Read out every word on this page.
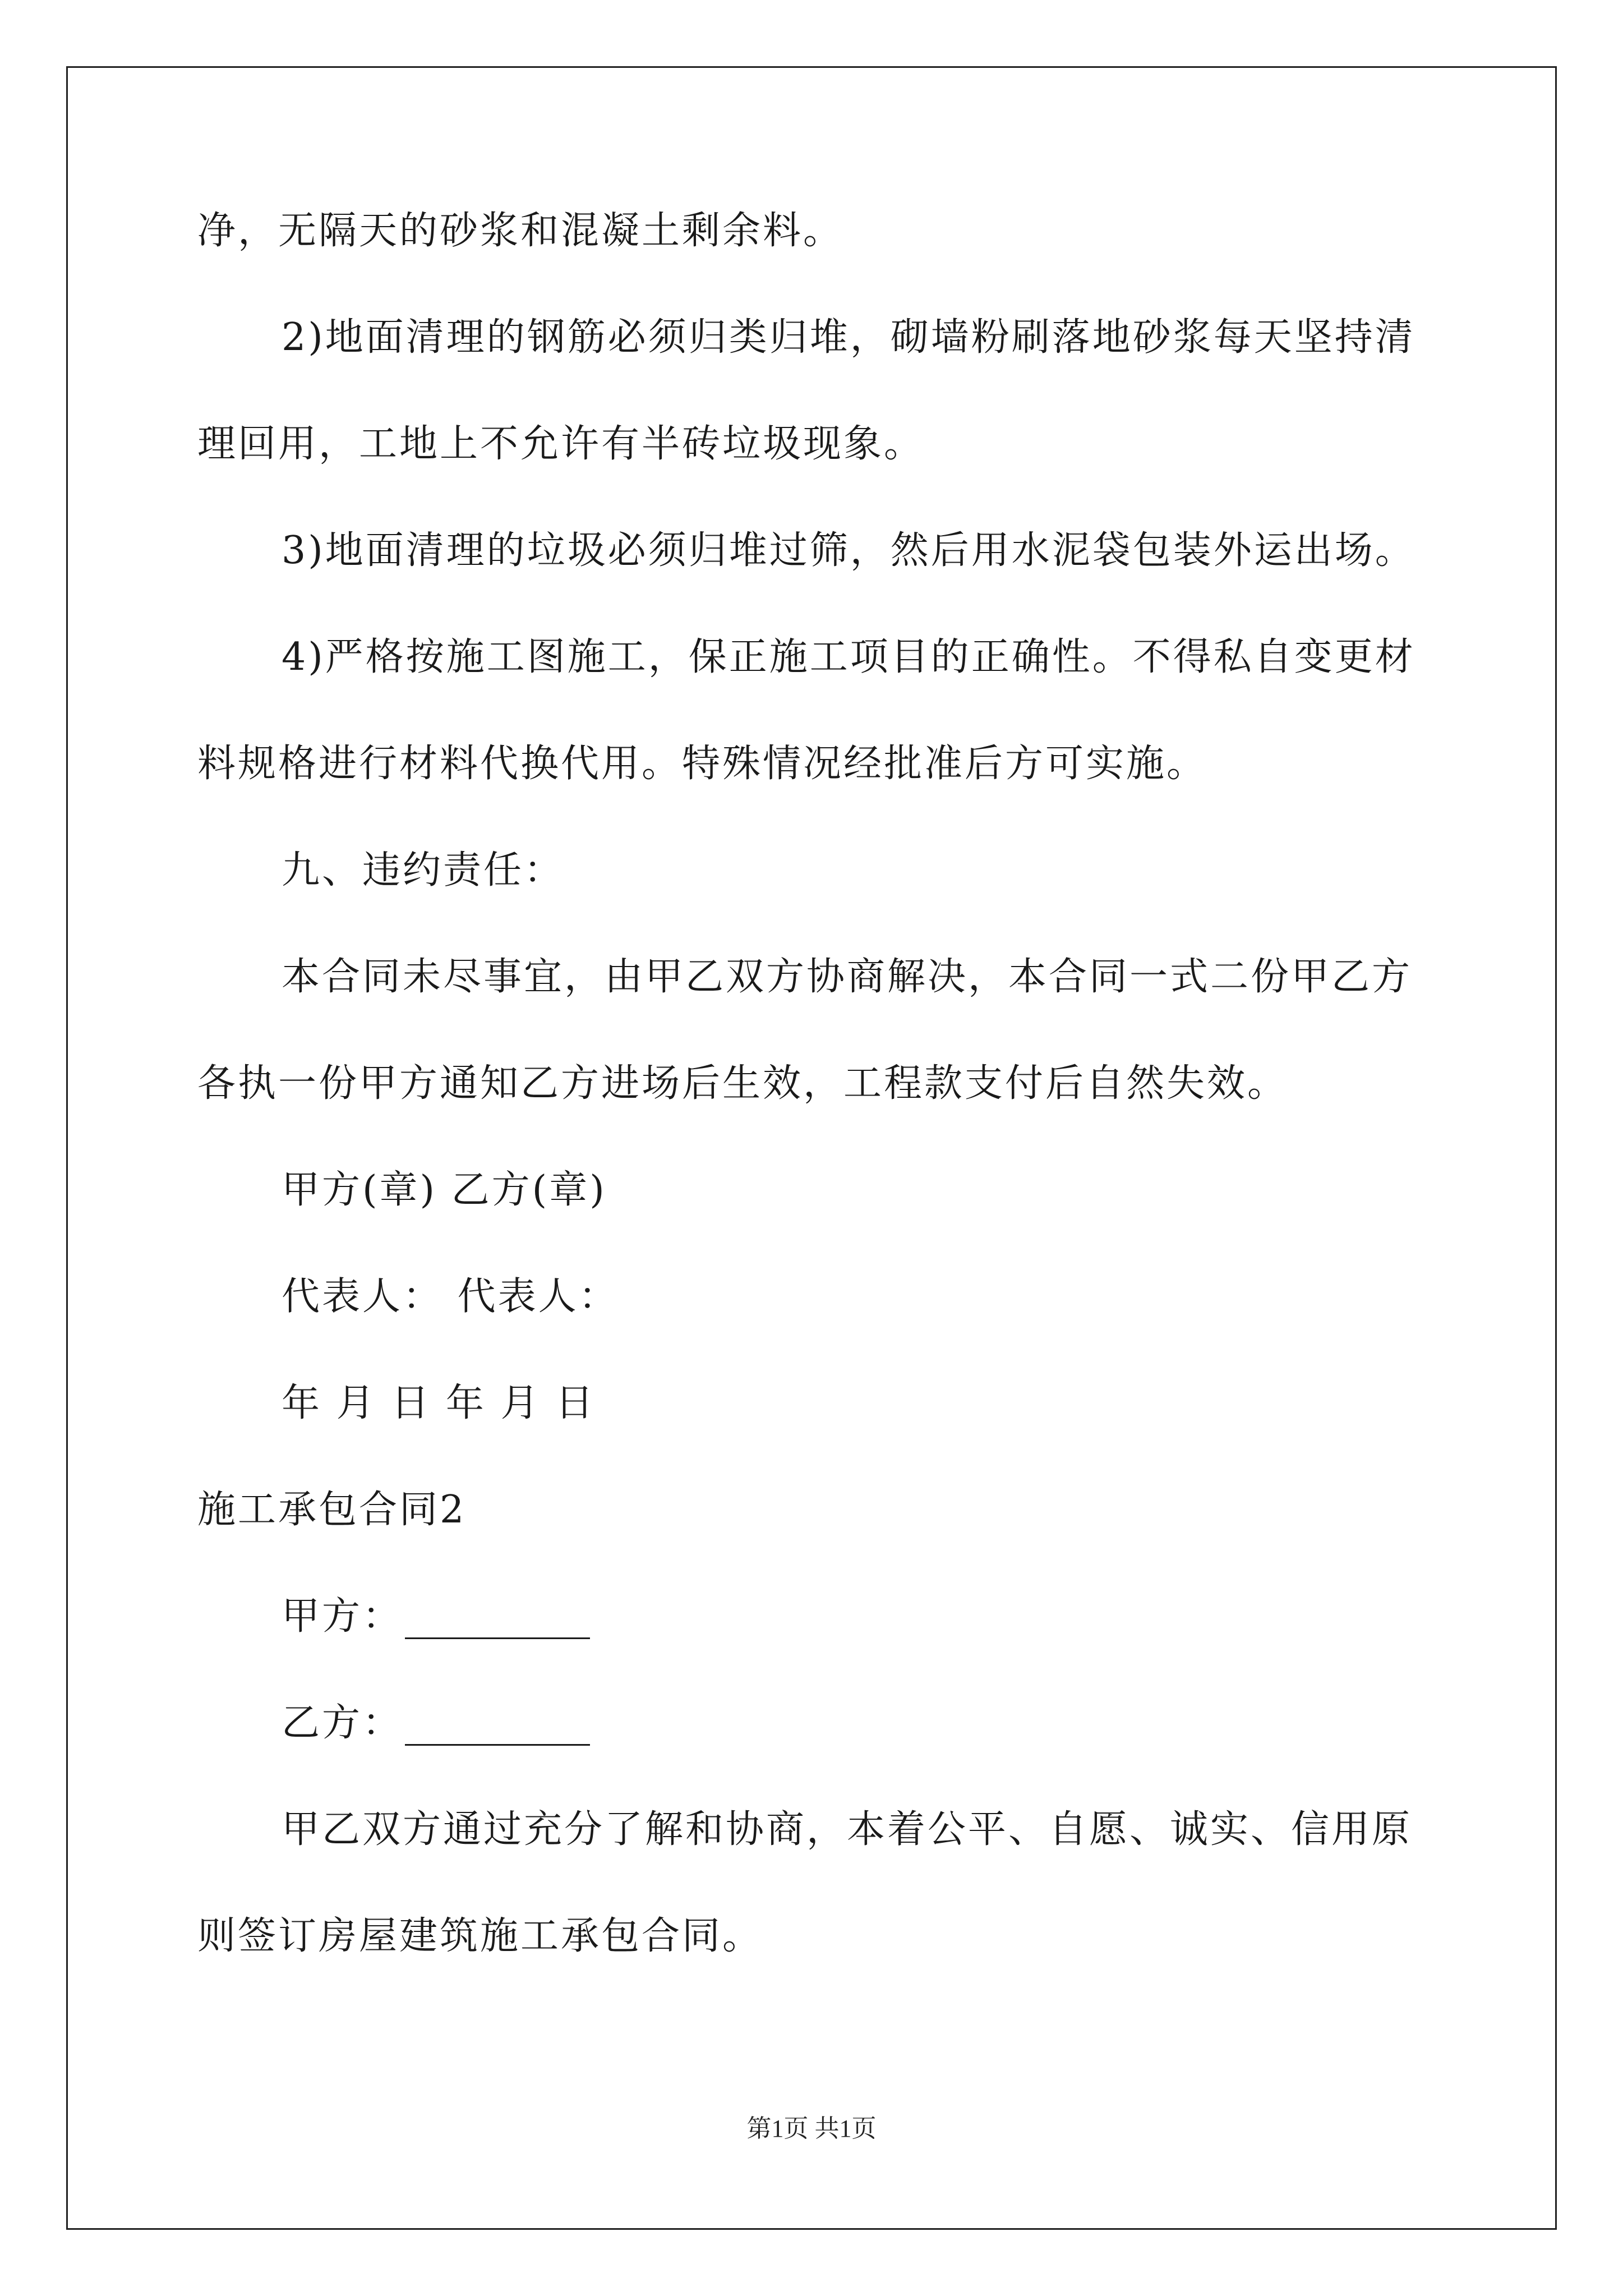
净，无隔天的砂浆和混凝土剩余料。
2)地面清理的钢筋必须归类归堆，砌墙粉刷落地砂浆每天坚持清
理回用，工地上不允许有半砖垃圾现象。
3)地面清理的垃圾必须归堆过筛，然后用水泥袋包装外运出场。
4)严格按施工图施工，保正施工项目的正确性。不得私自变更材
料规格进行材料代换代用。特殊情况经批准后方可实施。
九、违约责任：
本合同未尽事宜，由甲乙双方协商解决，本合同一式二份甲乙方
各执一份甲方通知乙方进场后生效，工程款支付后自然失效。
甲方(章) 乙方(章)
代表人： 代表人：
年 月 日 年 月 日
施工承包合同2
甲方：
乙方：
甲乙双方通过充分了解和协商，本着公平、自愿、诚实、信用原
则签订房屋建筑施工承包合同。
第1页 共1页
